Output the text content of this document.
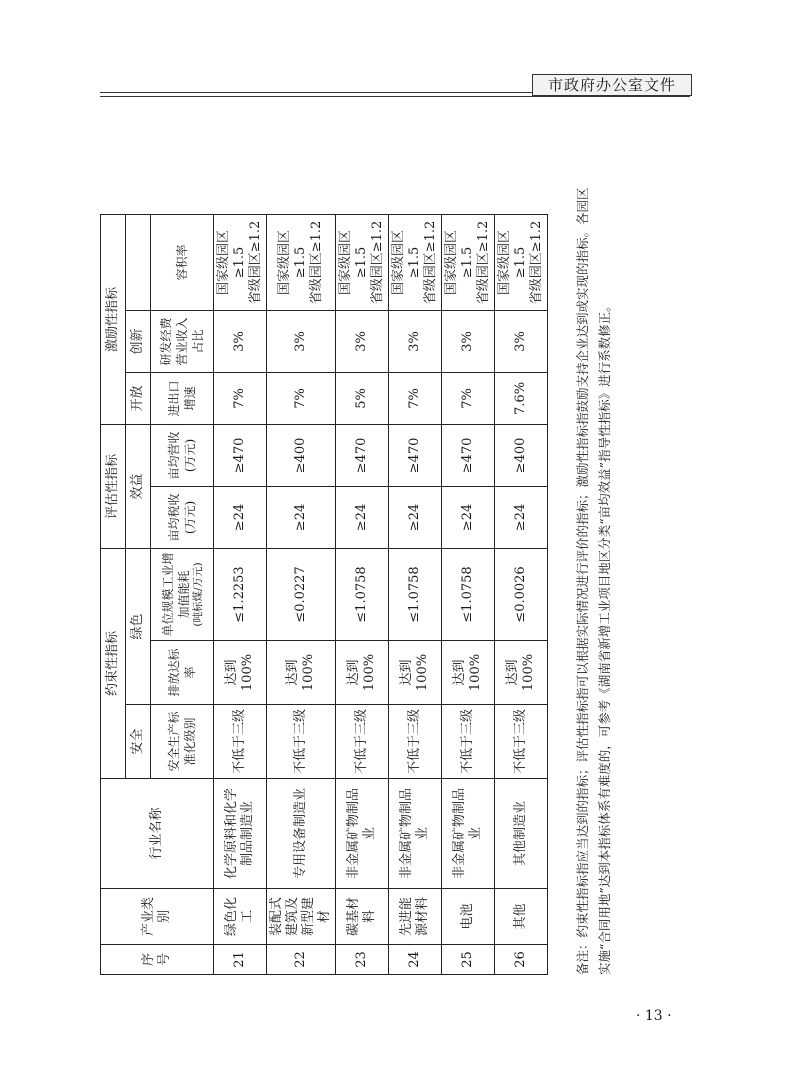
市政府办公室文件
序号	产业类别	行业名称	约束性指标			评估性指标		激励性指标		
			安全	绿色		效益		开放	创新	
			安全生产标准化级别	排放达标率	单位规模工业增加值能耗 (吨标煤/万元)	亩均税收(万元)	亩均营收(万元)	进出口增速	研发经费营业收入占比	容积率
21	绿色化工	化学原料和化学制品制造业	不低于三级	达到100%	≤1.2253	≥24	≥470	7%	3%	国家级园区≥1.5
省级园区≥1.2
22	装配式建筑及新型建材	专用设备制造业	不低于三级	达到100%	≤0.0227	≥24	≥400	7%	3%	国家级园区≥1.5
省级园区≥1.2
23	碳基材料	非金属矿物制品业	不低于三级	达到100%	≤1.0758	≥24	≥470	5%	3%	国家级园区≥1.5
省级园区≥1.2
24	先进能源材料	非金属矿物制品业	不低于三级	达到100%	≤1.0758	≥24	≥470	7%	3%	国家级园区≥1.5
省级园区≥1.2
25	电池	非金属矿物制品业	不低于三级	达到100%	≤1.0758	≥24	≥470	7%	3%	国家级园区≥1.5
省级园区≥1.2
26	其他	其他制造业	不低于三级	达到100%	≤0.0026	≥24	≥400	7.6%	3%	国家级园区≥1.5
省级园区≥1.2 备注：约束性指标指应当达到的指标；评估性指标指可以根据实际情况进行评价的指标；激励性指标指鼓励支持企业达到或实现的指标。各园区 实施“合同用地”达到本指标体系有难度的，可参考《湖南省新增工业项目地区分类“亩均效益”指导性指标》进行系数修正。

· 13 ·
